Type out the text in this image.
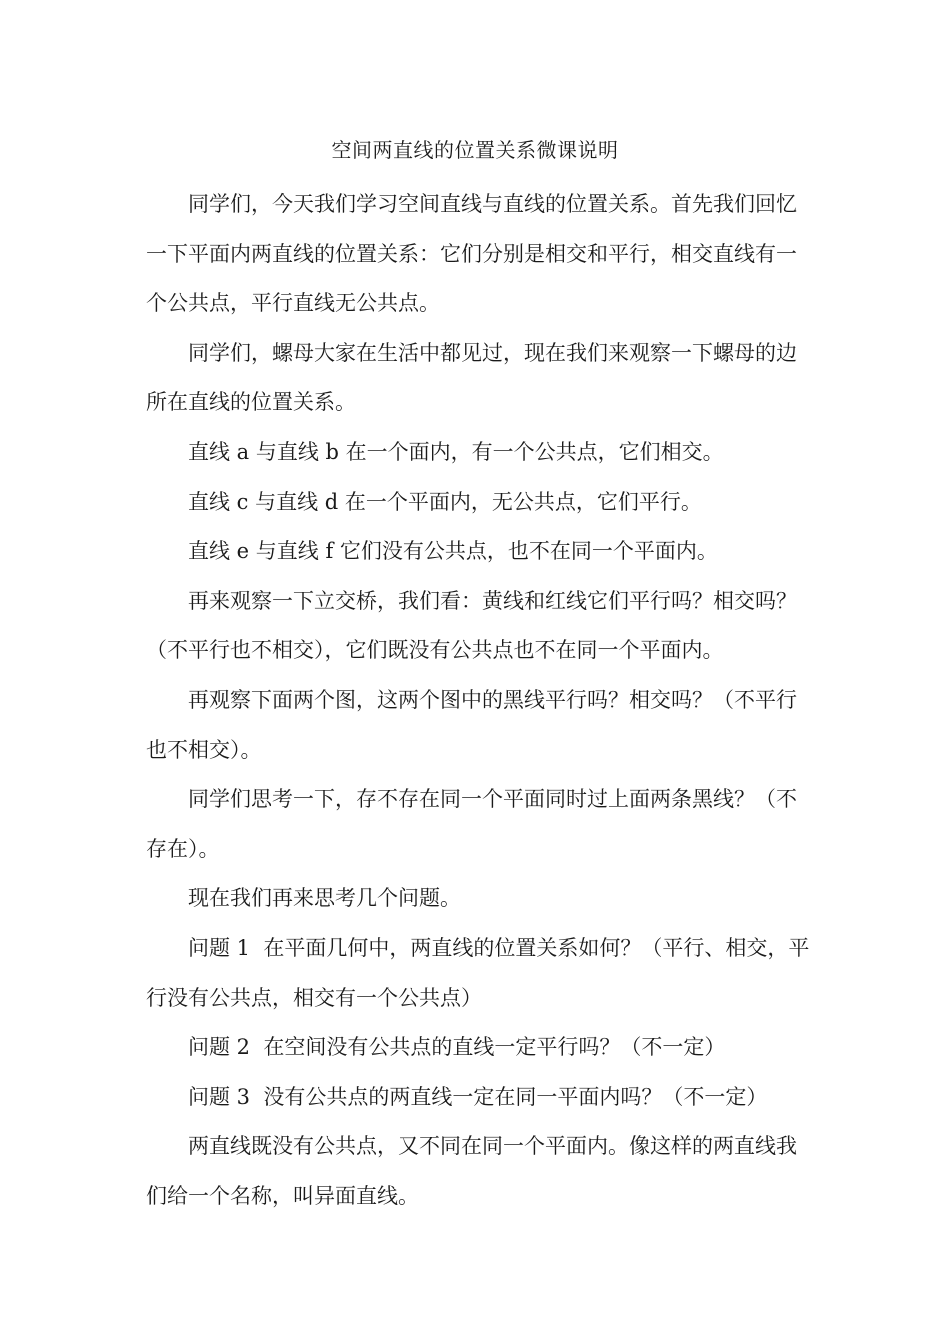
空间两直线的位置关系微课说明

同学们，今天我们学习空间直线与直线的位置关系。首先我们回忆一下平面内两直线的位置关系：它们分别是相交和平行，相交直线有一个公共点，平行直线无公共点。

同学们，螺母大家在生活中都见过，现在我们来观察一下螺母的边所在直线的位置关系。

直线 a 与直线 b 在一个面内，有一个公共点，它们相交。

直线 c 与直线 d 在一个平面内，无公共点，它们平行。

直线 e 与直线 f 它们没有公共点，也不在同一个平面内。

再来观察一下立交桥，我们看：黄线和红线它们平行吗？相交吗？（不平行也不相交），它们既没有公共点也不在同一个平面内。

再观察下面两个图，这两个图中的黑线平行吗？相交吗？（不平行也不相交）。

同学们思考一下，存不存在同一个平面同时过上面两条黑线？（不存在）。

现在我们再来思考几个问题。

问题 1  在平面几何中，两直线的位置关系如何？（平行、相交，平行没有公共点，相交有一个公共点）

问题 2  在空间没有公共点的直线一定平行吗？（不一定）

问题 3  没有公共点的两直线一定在同一平面内吗？（不一定）

两直线既没有公共点，又不同在同一个平面内。像这样的两直线我们给一个名称，叫异面直线。
